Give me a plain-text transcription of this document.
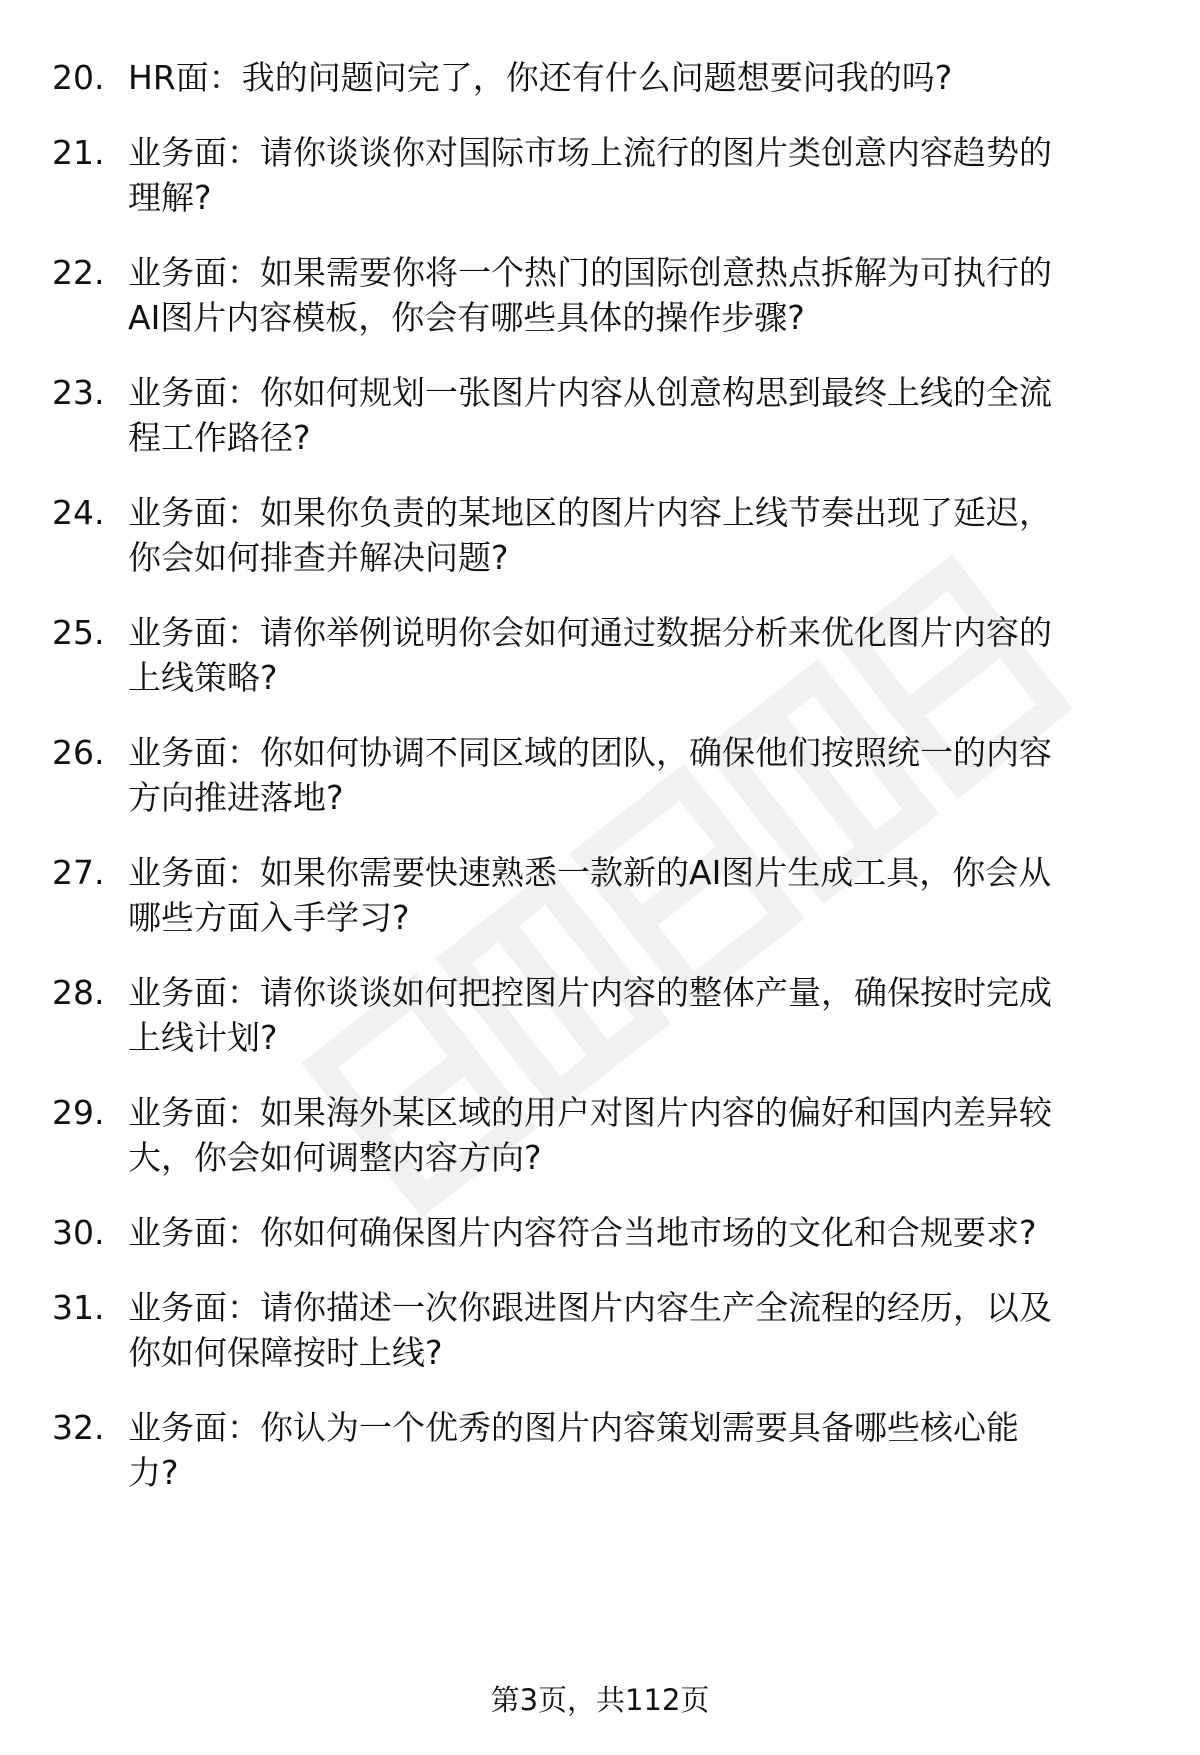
20. HR面：我的问题问完了，你还有什么问题想要问我的吗?
21. 业务面：请你谈谈你对国际市场上流行的图片类创意内容趋势的
理解?
22. 业务面：如果需要你将一个热门的国际创意热点拆解为可执行的
AI图片内容模板，你会有哪些具体的操作步骤?
23. 业务面：你如何规划一张图片内容从创意构思到最终上线的全流
程工作路径?
24. 业务面：如果你负责的某地区的图片内容上线节奏出现了延迟，
你会如何排查并解决问题?
25. 业务面：请你举例说明你会如何通过数据分析来优化图片内容的
上线策略?
26. 业务面：你如何协调不同区域的团队，确保他们按照统一的内容
方向推进落地?
27. 业务面：如果你需要快速熟悉一款新的AI图片生成工具，你会从
哪些方面入手学习?
28. 业务面：请你谈谈如何把控图片内容的整体产量，确保按时完成
上线计划?
29. 业务面：如果海外某区域的用户对图片内容的偏好和国内差异较
大，你会如何调整内容方向?
30. 业务面：你如何确保图片内容符合当地市场的文化和合规要求?
31. 业务面：请你描述一次你跟进图片内容生产全流程的经历，以及
你如何保障按时上线?
32. 业务面：你认为一个优秀的图片内容策划需要具备哪些核心能
力?
第3页，共112页
